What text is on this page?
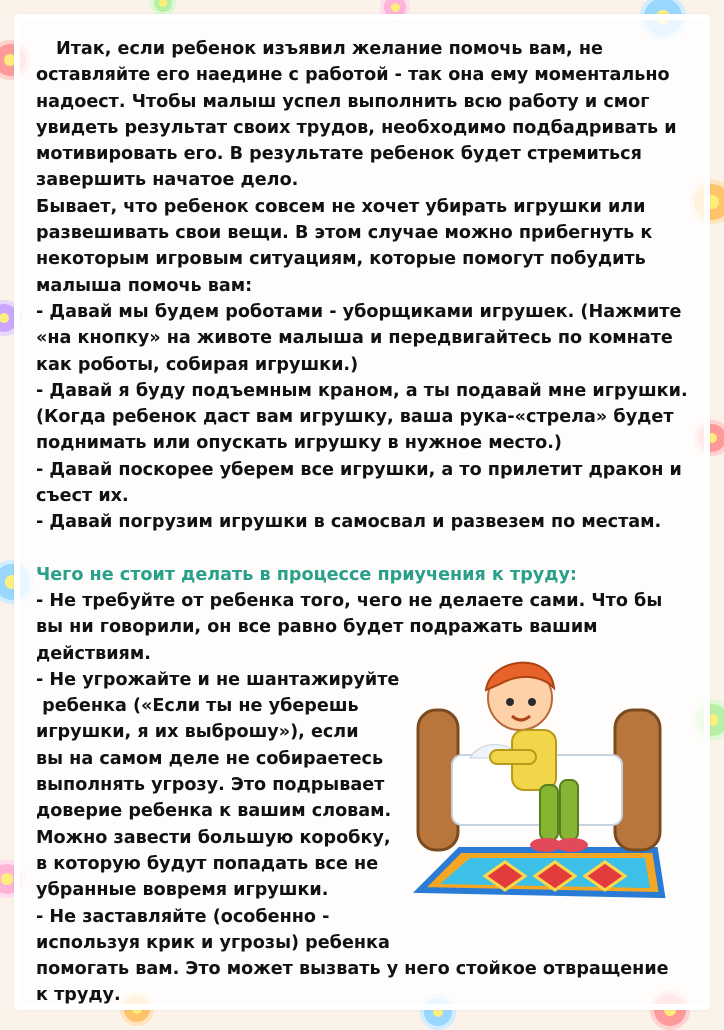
Итак, если ребенок изъявил желание помочь вам, не оставляйте его наедине с работой - так она ему моментально надоест. Чтобы малыш успел выполнить всю работу и смог увидеть результат своих трудов, необходимо подбадривать и мотивировать его. В результате ребенок будет стремиться завершить начатое дело.

Бывает, что ребенок совсем не хочет убирать игрушки или развешивать свои вещи. В этом случае можно прибегнуть к некоторым игровым ситуациям, которые помогут побудить малыша помочь вам:

- Давай мы будем роботами - уборщиками игрушек. (Нажмите «на кнопку» на животе малыша и передвигайтесь по комнате как роботы, собирая игрушки.)

- Давай я буду подъемным краном, а ты подавай мне игрушки. (Когда ребенок даст вам игрушку, ваша рука-«стрела» будет поднимать или опускать игрушку в нужное место.)

- Давай поскорее уберем все игрушки, а то прилетит дракон и съест их.

- Давай погрузим игрушки в самосвал и развезем по местам.

Чего не стоит делать в процессе приучения к труду:

- Не требуйте от ребенка того, чего не делаете сами. Что бы вы ни говорили, он все равно будет подражать вашим действиям.

- Не угрожайте и не шантажируйте

ребенка («Если ты не уберешь

игрушки, я их выброшу»), если

вы на самом деле не собираетесь

выполнять угрозу. Это подрывает

доверие ребенка к вашим словам.

Можно завести большую коробку,

в которую будут попадать все не

убранные вовремя игрушки.

- Не заставляйте (особенно -

используя крик и угрозы) ребенка

помогать вам. Это может вызвать у него стойкое отвращение

к труду.
